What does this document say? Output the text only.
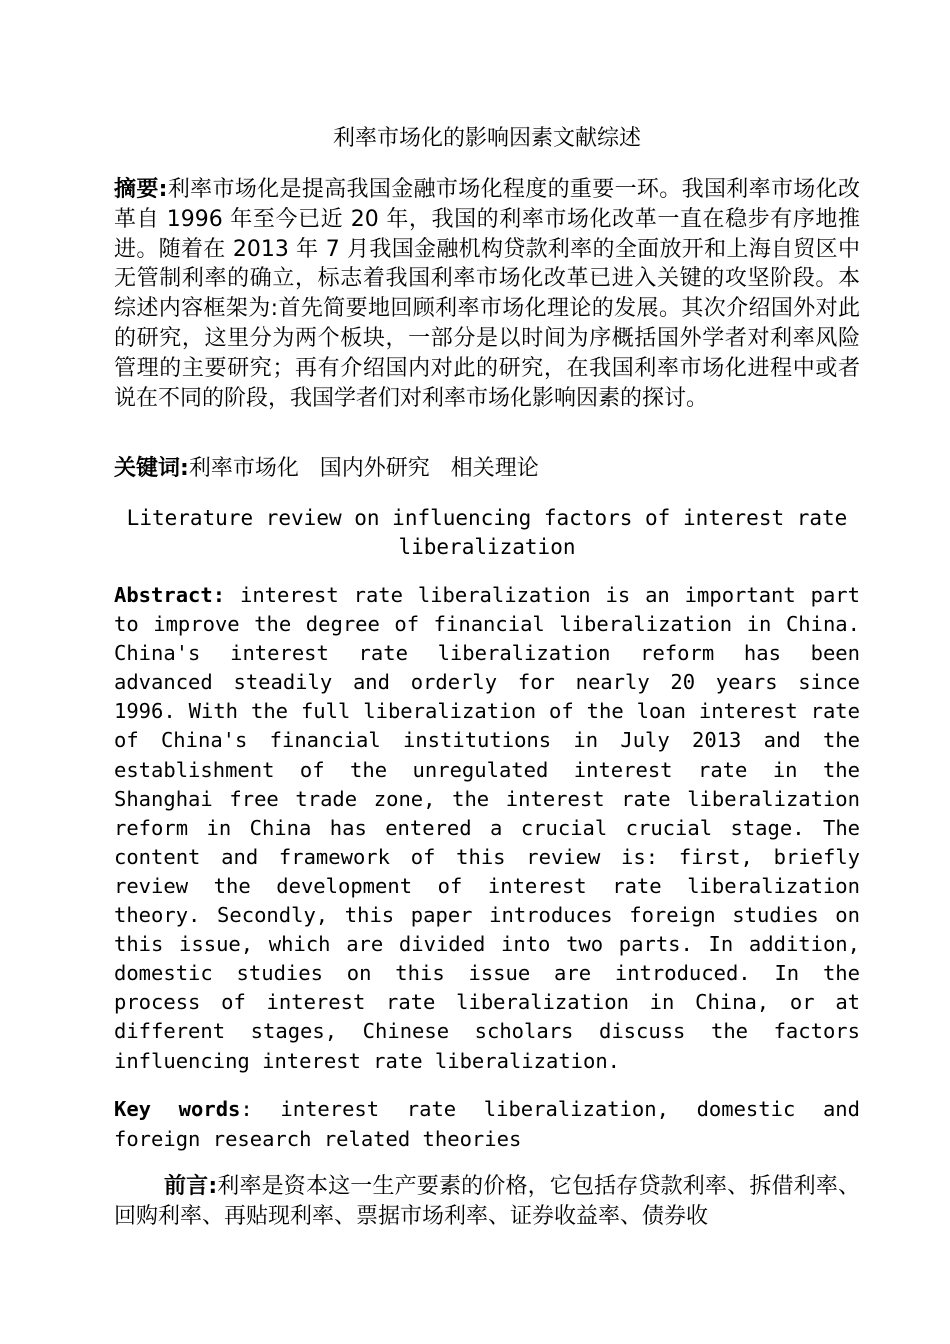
利率市场化的影响因素文献综述
摘要:利率市场化是提高我国金融市场化程度的重要一环。我国利率市场化改革自 1996 年至今已近 20 年，我国的利率市场化改革一直在稳步有序地推进。随着在 2013 年 7 月我国金融机构贷款利率的全面放开和上海自贸区中无管制利率的确立，标志着我国利率市场化改革已进入关键的攻坚阶段。本综述内容框架为:首先简要地回顾利率市场化理论的发展。其次介绍国外对此的研究，这里分为两个板块，一部分是以时间为序概括国外学者对利率风险管理的主要研究；再有介绍国内对此的研究，在我国利率市场化进程中或者说在不同的阶段，我国学者们对利率市场化影响因素的探讨。
关键词:利率市场化   国内外研究   相关理论
Literature review on influencing factors of interest rate liberalization
Abstract: interest rate liberalization is an important part to improve the degree of financial liberalization in China. China's interest rate liberalization reform has been advanced steadily and orderly for nearly 20 years since 1996. With the full liberalization of the loan interest rate of China's financial institutions in July 2013 and the establishment of the unregulated interest rate in the Shanghai free trade zone, the interest rate liberalization reform in China has entered a crucial crucial stage. The content and framework of this review is: first, briefly review the development of interest rate liberalization theory. Secondly, this paper introduces foreign studies on this issue, which are divided into two parts. In addition, domestic studies on this issue are introduced. In the process of interest rate liberalization in China, or at different stages, Chinese scholars discuss the factors influencing interest rate liberalization.
Key words: interest rate liberalization, domestic and foreign research related theories
前言:利率是资本这一生产要素的价格，它包括存贷款利率、拆借利率、回购利率、再贴现利率、票据市场利率、证券收益率、债券收
